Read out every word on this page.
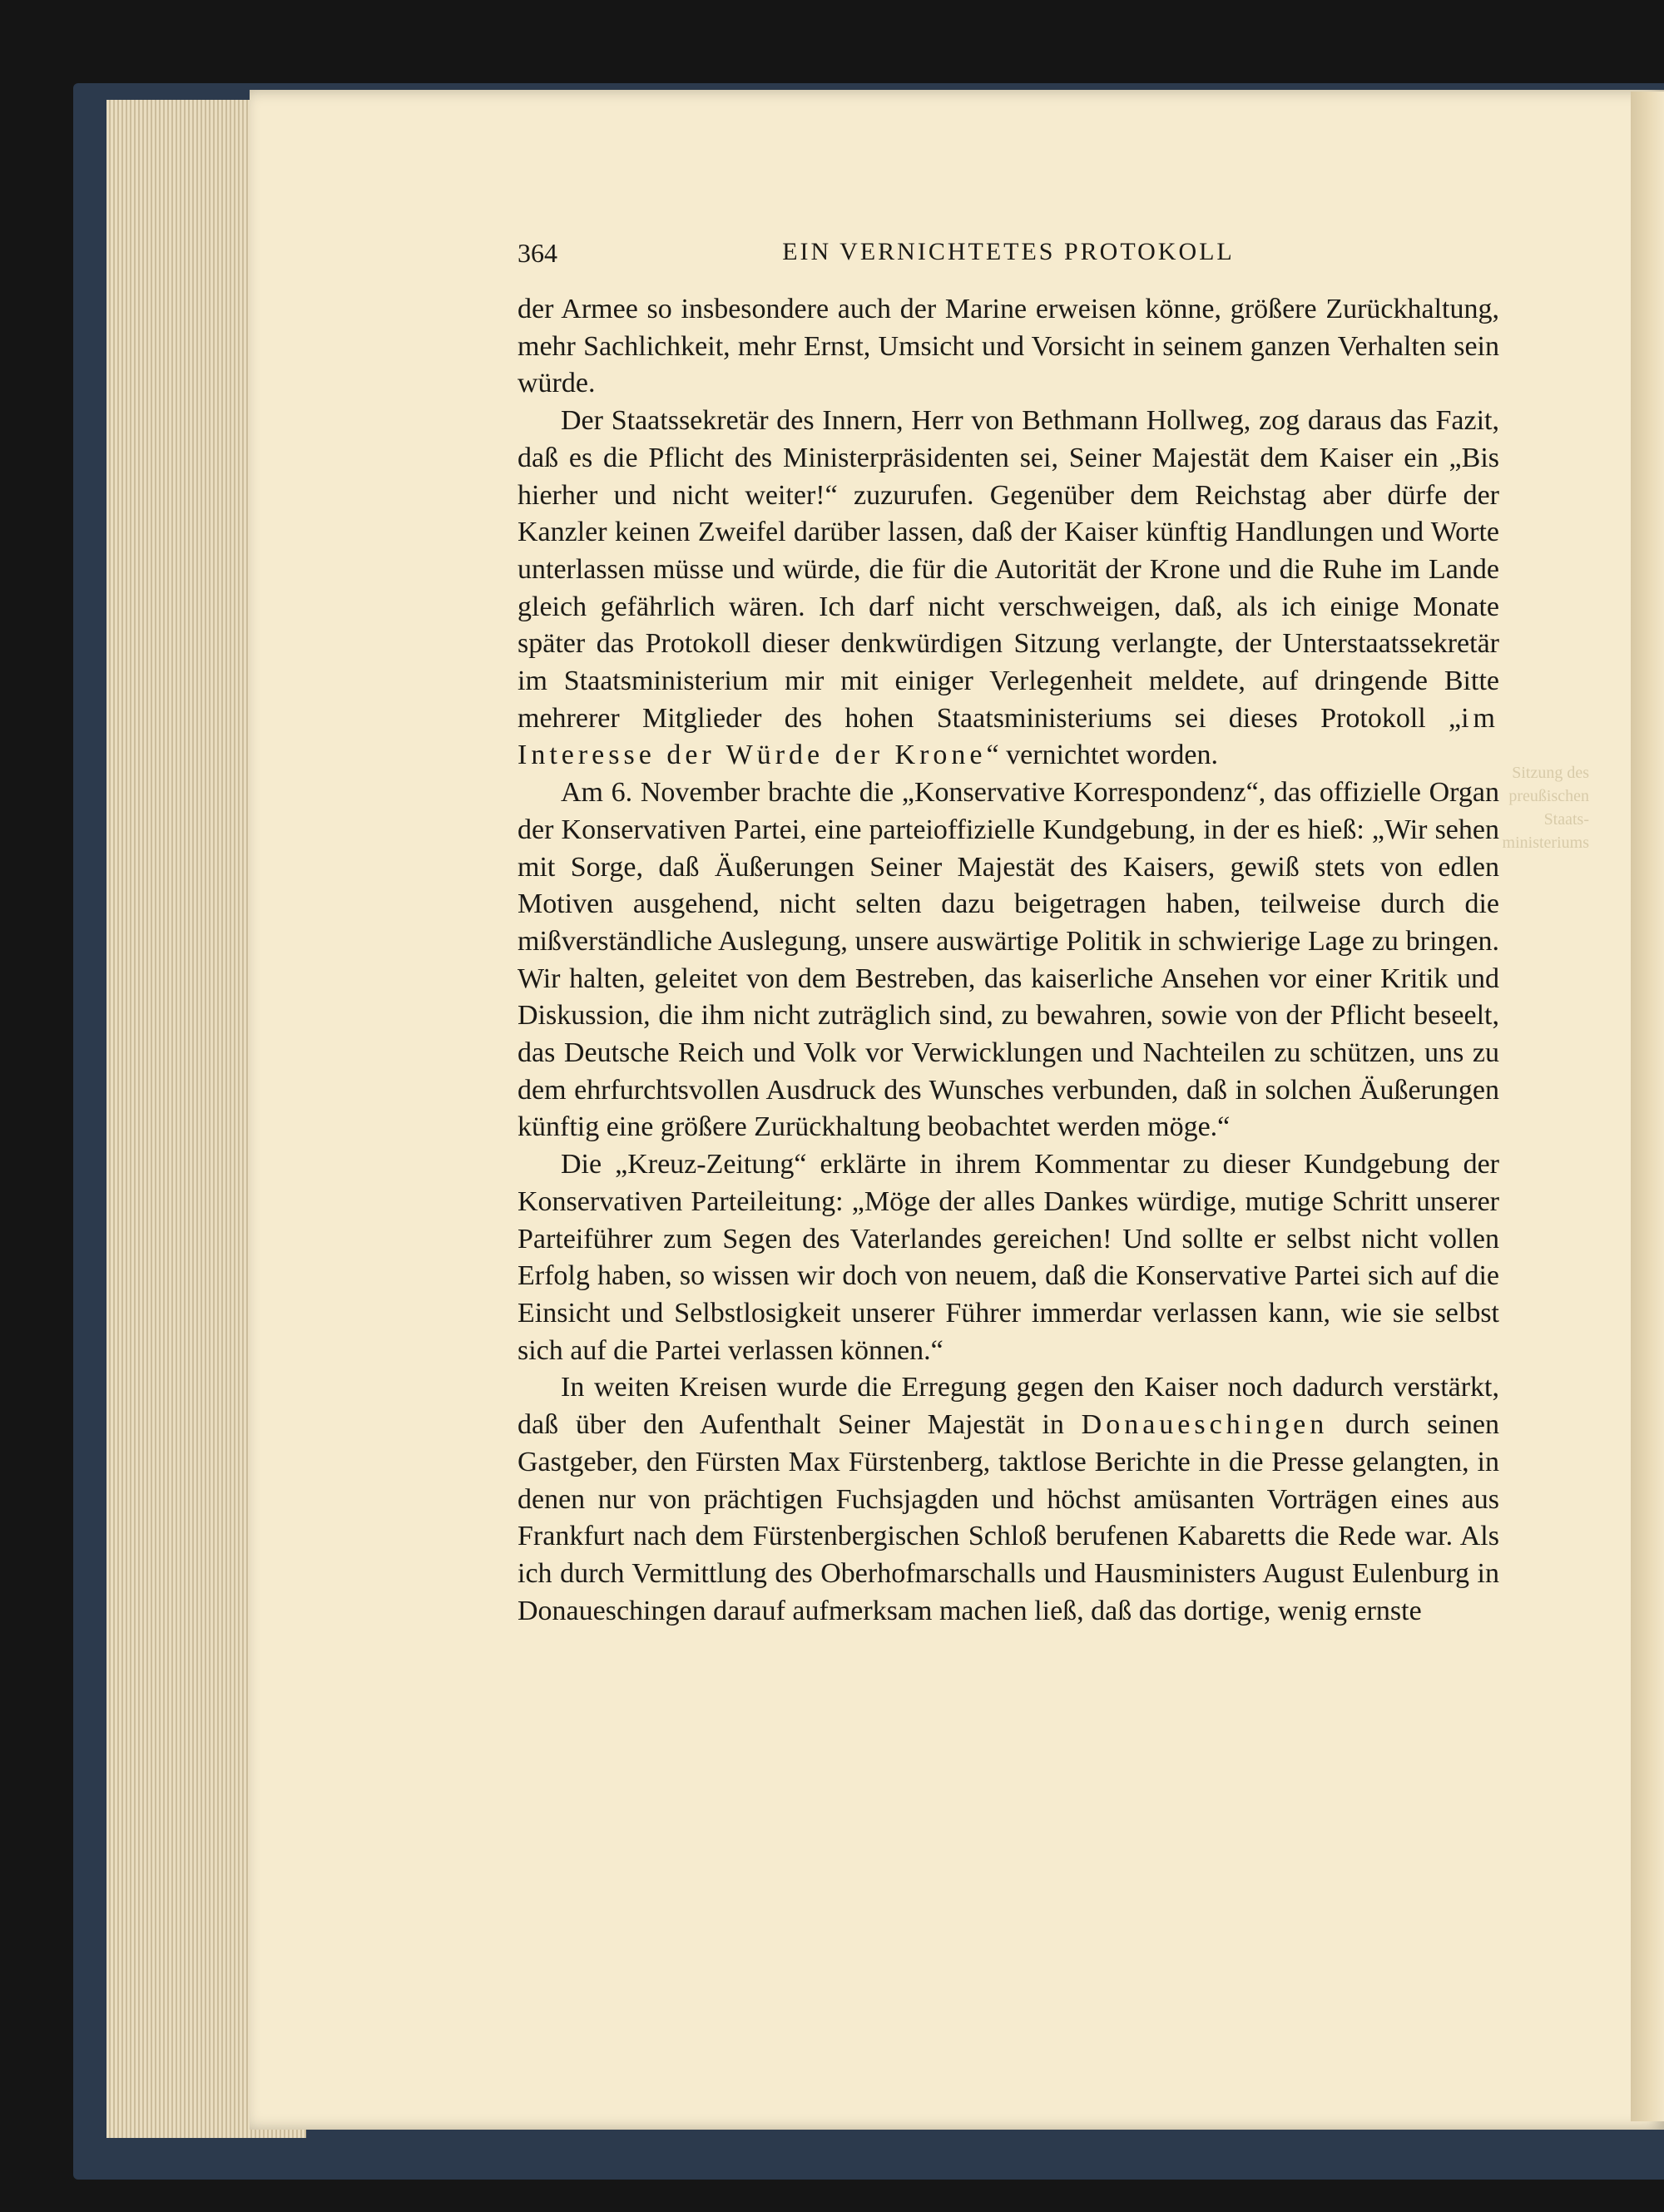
364	EIN VERNICHTETES PROTOKOLL
Sitzung des
preußischen
Staats-
ministeriums

der Armee so insbesondere auch der Marine erweisen könne, größere Zurückhaltung, mehr Sachlichkeit, mehr Ernst, Umsicht und Vorsicht in seinem ganzen Verhalten sein würde.

Der Staatssekretär des Innern, Herr von Bethmann Hollweg, zog daraus das Fazit, daß es die Pflicht des Ministerpräsidenten sei, Seiner Majestät dem Kaiser ein „Bis hierher und nicht weiter!“ zuzurufen. Gegenüber dem Reichstag aber dürfe der Kanzler keinen Zweifel darüber lassen, daß der Kaiser künftig Handlungen und Worte unterlassen müsse und würde, die für die Autorität der Krone und die Ruhe im Lande gleich gefährlich wären. Ich darf nicht verschweigen, daß, als ich einige Monate später das Protokoll dieser denkwürdigen Sitzung verlangte, der Unterstaatssekretär im Staatsministerium mir mit einiger Verlegenheit meldete, auf dringende Bitte mehrerer Mitglieder des hohen Staatsministeriums sei dieses Protokoll „im Interesse der Würde der Krone“ vernichtet worden.

Am 6. November brachte die „Konservative Korrespondenz“, das offizielle Organ der Konservativen Partei, eine parteioffizielle Kundgebung, in der es hieß: „Wir sehen mit Sorge, daß Äußerungen Seiner Majestät des Kaisers, gewiß stets von edlen Motiven ausgehend, nicht selten dazu beigetragen haben, teilweise durch die mißverständliche Auslegung, unsere auswärtige Politik in schwierige Lage zu bringen. Wir halten, geleitet von dem Bestreben, das kaiserliche Ansehen vor einer Kritik und Diskussion, die ihm nicht zuträglich sind, zu bewahren, sowie von der Pflicht beseelt, das Deutsche Reich und Volk vor Verwicklungen und Nachteilen zu schützen, uns zu dem ehrfurchtsvollen Ausdruck des Wunsches verbunden, daß in solchen Äußerungen künftig eine größere Zurückhaltung beobachtet werden möge.“

Die „Kreuz-Zeitung“ erklärte in ihrem Kommentar zu dieser Kundgebung der Konservativen Parteileitung: „Möge der alles Dankes würdige, mutige Schritt unserer Parteiführer zum Segen des Vaterlandes gereichen! Und sollte er selbst nicht vollen Erfolg haben, so wissen wir doch von neuem, daß die Konservative Partei sich auf die Einsicht und Selbstlosigkeit unserer Führer immerdar verlassen kann, wie sie selbst sich auf die Partei verlassen können.“

In weiten Kreisen wurde die Erregung gegen den Kaiser noch dadurch verstärkt, daß über den Aufenthalt Seiner Majestät in Donaueschingen durch seinen Gastgeber, den Fürsten Max Fürstenberg, taktlose Berichte in die Presse gelangten, in denen nur von prächtigen Fuchsjagden und höchst amüsanten Vorträgen eines aus Frankfurt nach dem Fürstenbergischen Schloß berufenen Kabaretts die Rede war. Als ich durch Vermittlung des Oberhofmarschalls und Hausministers August Eulenburg in Donaueschingen darauf aufmerksam machen ließ, daß das dortige, wenig ernste
